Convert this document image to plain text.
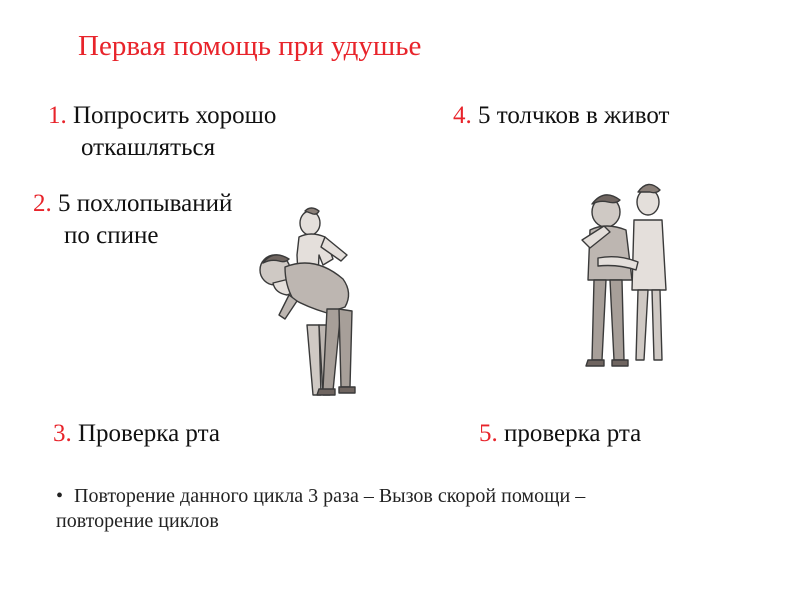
Первая помощь при удушье
1. Попросить хорошо
откашляться
2. 5 похлопываний
по спине
3. Проверка рта
4. 5 толчков в живот
5. проверка рта
• Повторение данного цикла 3 раза – Вызов скорой помощи –
повторение циклов
